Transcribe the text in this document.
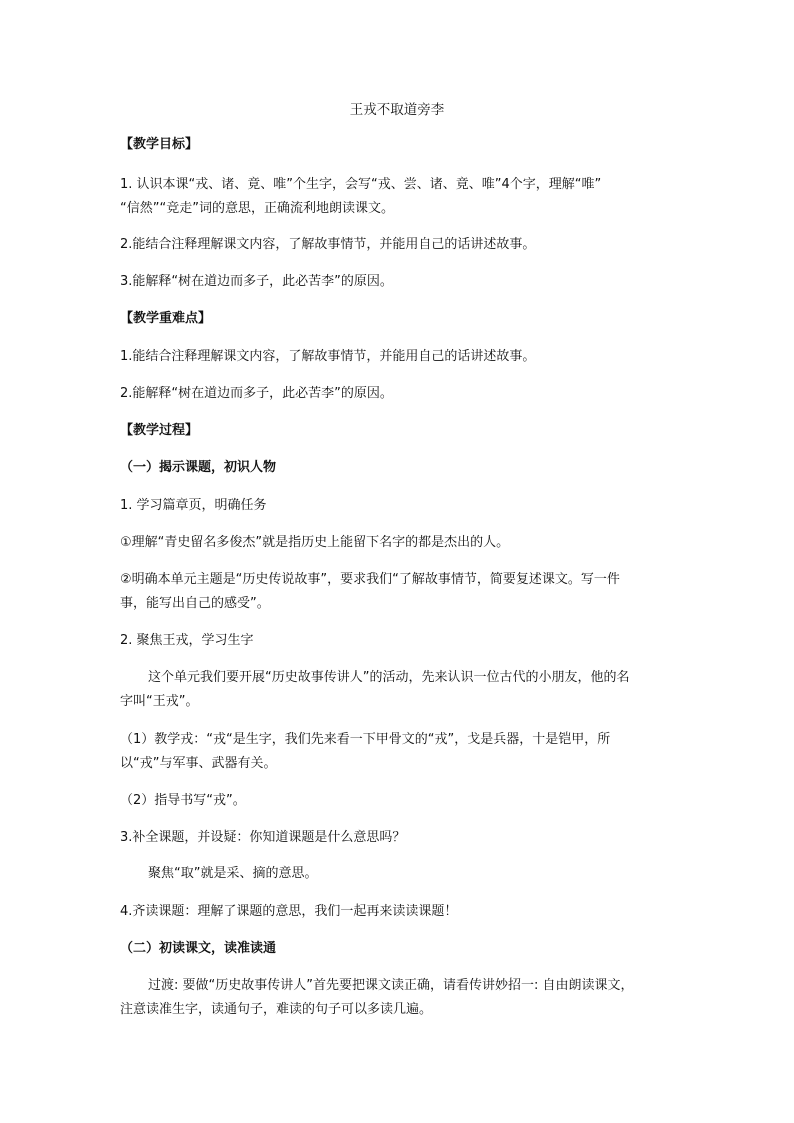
王戎不取道旁李
【教学目标】
1. 认识本课“戎、诸、竟、唯”个生字，会写“戎、尝、诸、竟、唯”4个字，理解“唯”
“信然”“竞走”词的意思，正确流利地朗读课文。
2.能结合注释理解课文内容，了解故事情节，并能用自己的话讲述故事。
3.能解释“树在道边而多子，此必苦李”的原因。
【教学重难点】
1.能结合注释理解课文内容，了解故事情节，并能用自己的话讲述故事。
2.能解释“树在道边而多子，此必苦李”的原因。
【教学过程】
（一）揭示课题，初识人物
1. 学习篇章页，明确任务
①理解“青史留名多俊杰”就是指历史上能留下名字的都是杰出的人。
②明确本单元主题是“历史传说故事”，要求我们“了解故事情节，简要复述课文。写一件
事，能写出自己的感受”。
2. 聚焦王戎，学习生字
这个单元我们要开展“历史故事传讲人”的活动，先来认识一位古代的小朋友，他的名
字叫“王戎”。
（1）教学戎：“戎“是生字，我们先来看一下甲骨文的“戎”，戈是兵器，十是铠甲，所
以“戎”与军事、武器有关。
（2）指导书写“戎”。
3.补全课题，并设疑：你知道课题是什么意思吗？
聚焦“取”就是采、摘的意思。
4.齐读课题：理解了课题的意思，我们一起再来读读课题！
（二）初读课文，读准读通
过渡: 要做“历史故事传讲人”首先要把课文读正确，请看传讲妙招一: 自由朗读课文，
注意读准生字，读通句子，难读的句子可以多读几遍。
